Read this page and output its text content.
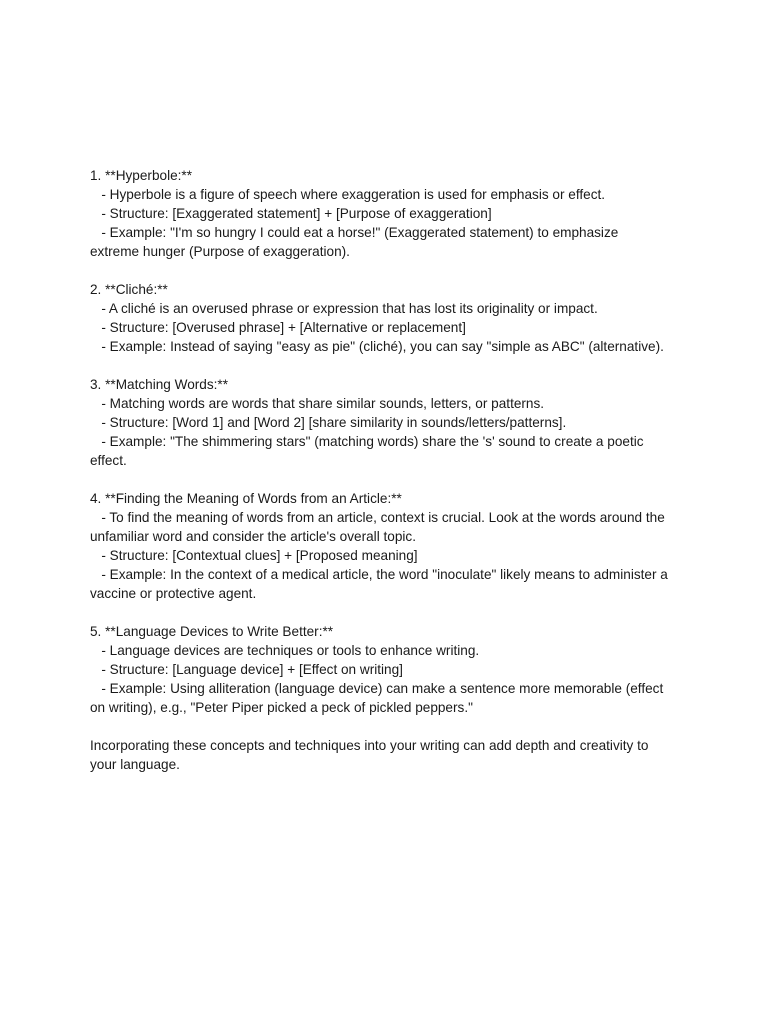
1. **Hyperbole:**
- Hyperbole is a figure of speech where exaggeration is used for emphasis or effect.
- Structure: [Exaggerated statement] + [Purpose of exaggeration]
- Example: "I'm so hungry I could eat a horse!" (Exaggerated statement) to emphasize
extreme hunger (Purpose of exaggeration).
2. **Cliché:**
- A cliché is an overused phrase or expression that has lost its originality or impact.
- Structure: [Overused phrase] + [Alternative or replacement]
- Example: Instead of saying "easy as pie" (cliché), you can say "simple as ABC" (alternative).
3. **Matching Words:**
- Matching words are words that share similar sounds, letters, or patterns.
- Structure: [Word 1] and [Word 2] [share similarity in sounds/letters/patterns].
- Example: "The shimmering stars" (matching words) share the 's' sound to create a poetic
effect.
4. **Finding the Meaning of Words from an Article:**
- To find the meaning of words from an article, context is crucial. Look at the words around the
unfamiliar word and consider the article's overall topic.
- Structure: [Contextual clues] + [Proposed meaning]
- Example: In the context of a medical article, the word "inoculate" likely means to administer a
vaccine or protective agent.
5. **Language Devices to Write Better:**
- Language devices are techniques or tools to enhance writing.
- Structure: [Language device] + [Effect on writing]
- Example: Using alliteration (language device) can make a sentence more memorable (effect
on writing), e.g., "Peter Piper picked a peck of pickled peppers."
Incorporating these concepts and techniques into your writing can add depth and creativity to
your language.
